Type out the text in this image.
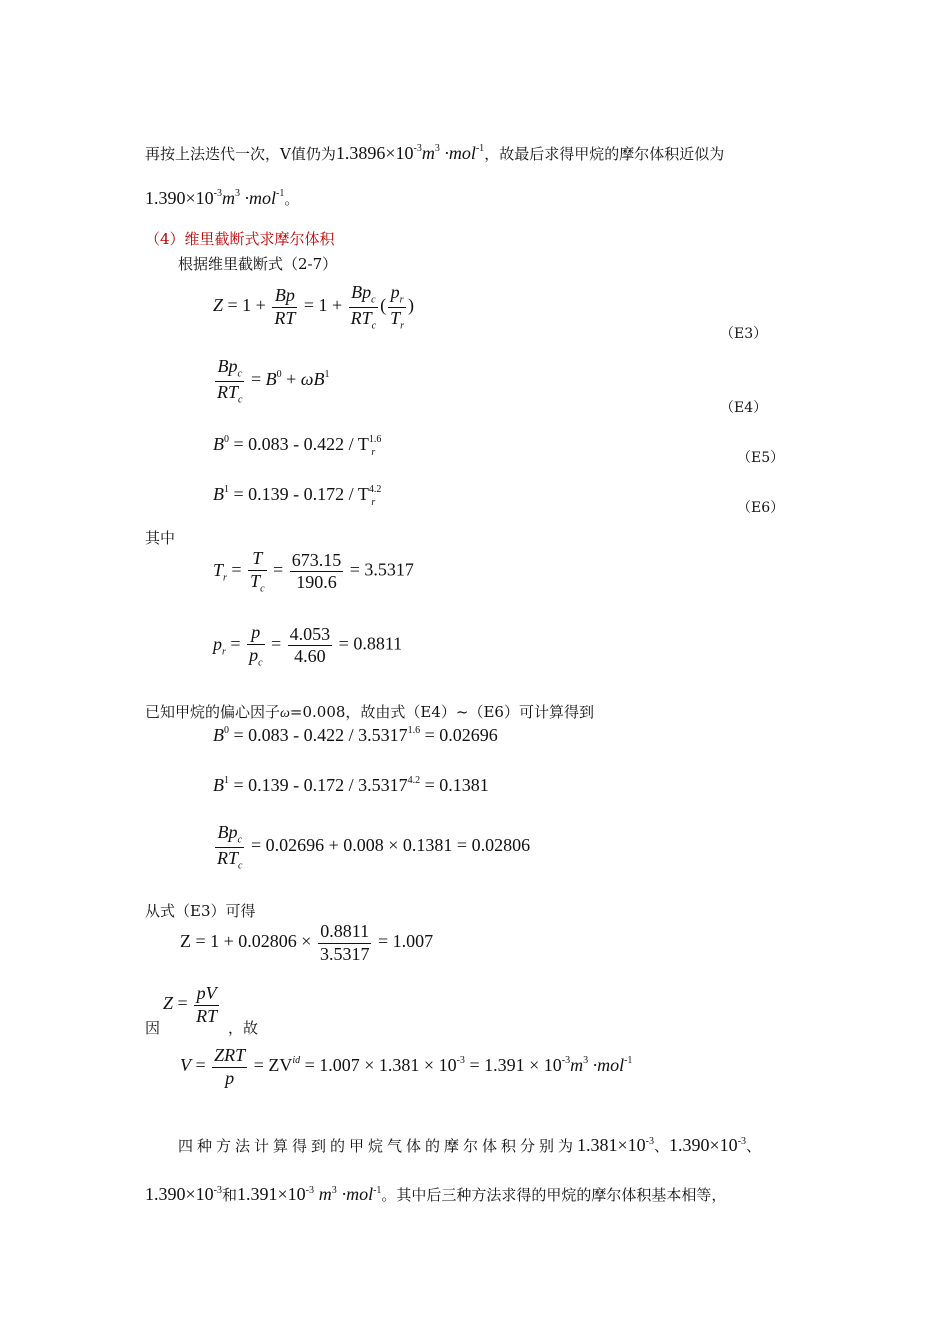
再按上法迭代一次，V值仍为$1.3896\times 10^{-3}m^3 \cdot mol^{-1}$，故最后求得甲烷的摩尔体积近似为
$1.390\times 10^{-3}m^3 \cdot mol^{-1}$。
（4）维里截断式求摩尔体积
根据维里截断式（2-7）
$Z = 1 + \frac{Bp}{RT} = 1 + \frac{Bp_c}{RT_c}$ ( $\frac{p_r}{T_r}$ )
（E3）
$\frac{Bp_c}{RT_c} = B^0 + \omega B^1$
（E4）
$B^0 = 0.083 - 0.422 / T^{1.6}_r$	（E5）
$B^1 = 0.139 - 0.172 / T^{4.2}_r$	（E6）
其中
$T_r = \frac{T}{T_c} = \frac{673.15}{190.6} = 3.5317$
$p_r = \frac{p}{p_c} = \frac{4.053}{4.60} = 0.8811$
已知甲烷的偏心因子ω=0.008，故由式（E4）~（E6）可计算得到
$B^0 = 0.083 - 0.422 / 3.5317^{1.6} = 0.02696$
$B^1 = 0.139 - 0.172 / 3.5317^{4.2} = 0.1381$
$\frac{Bp_c}{RT_c} = 0.02696 + 0.008 \times 0.1381 = 0.02806$
从式（E3）可得
$Z = 1 + 0.02806 \times \frac{0.8811}{3.5317} = 1.007$
因
$Z = \frac{pV}{RT}$
，故
$V = \frac{\text{ZRT}}{p} = ZV^{id} = 1.007 \times 1.381 \times 10^{-3} = 1.391 \times 10^{-3}m^3 \cdot mol^{-1}$
四种方法计算得到的甲烷气体的摩尔体积分别为$1.381\times 10^{-3}$、$1.390\times 10^{-3}$、
$1.390\times 10^{-3}$和$1.391\times 10^{-3}$ $m^3 \cdot mol^{-1}$。其中后三种方法求得的甲烷的摩尔体积基本相等，
